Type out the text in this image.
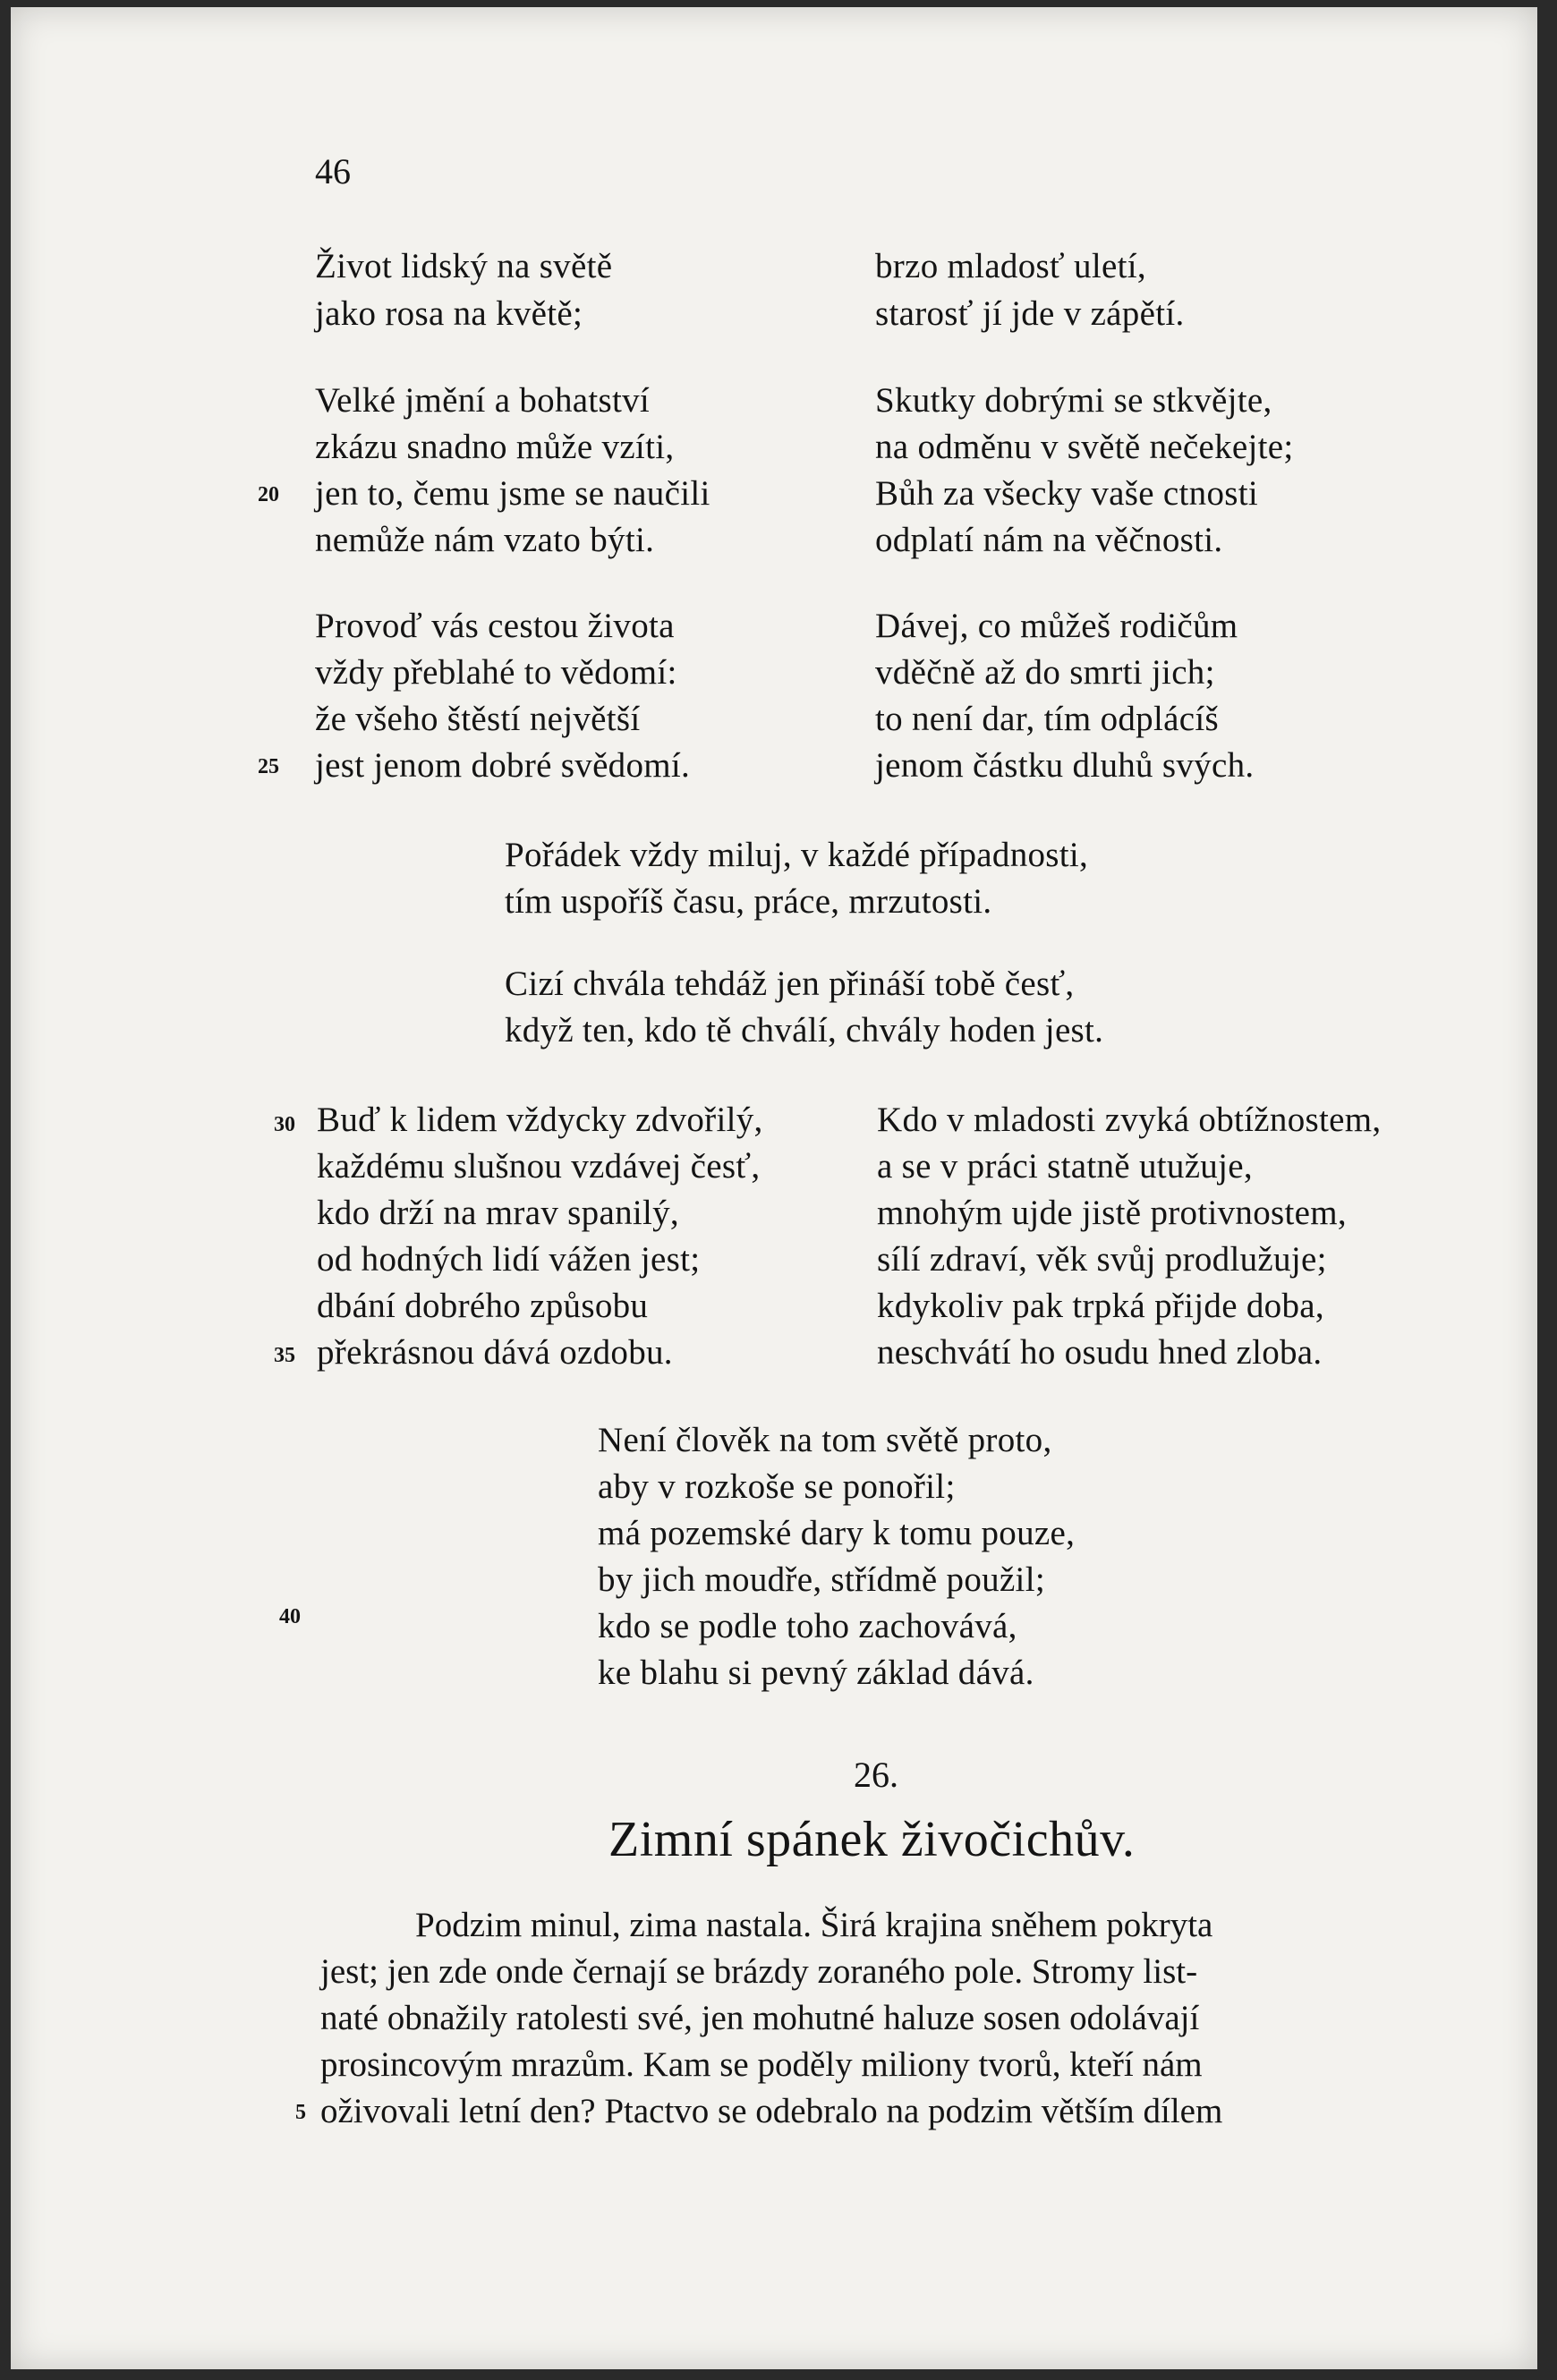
46
Život lidský na světě
jako rosa na květě;
Velké jmění a bohatství
zkázu snadno může vzíti,
20 jen to, čemu jsme se naučili
nemůže nám vzato býti.
Provoď vás cestou života
vždy přeblahé to vědomí:
že všeho štěstí největší
25 jest jenom dobré svědomí.
brzo mladosť uletí,
starosť jí jde v zápětí.
Skutky dobrými se stkvějte,
na odměnu v světě nečekejte;
Bůh za všecky vaše ctnosti
odplatí nám na věčnosti.
Dávej, co můžeš rodičům
vděčně až do smrti jich;
to není dar, tím odplácíš
jenom částku dluhů svých.
Pořádek vždy miluj, v každé případnosti,
tím uspoříš času, práce, mrzutosti.
Cizí chvála tehdáž jen přináší tobě česť,
když ten, kdo tě chválí, chvály hoden jest.
30 Buď k lidem vždycky zdvořilý,
každému slušnou vzdávej česť,
kdo drží na mrav spanilý,
od hodných lidí vážen jest;
dbání dobrého způsobu
35 překrásnou dává ozdobu.
Kdo v mladosti zvyká obtížnostem,
a se v práci statně utužuje,
mnohým ujde jistě protivnostem,
sílí zdraví, věk svůj prodlužuje;
kdykoliv pak trpká přijde doba,
neschvátí ho osudu hned zloba.
Není člověk na tom světě proto,
aby v rozkoše se ponořil;
má pozemské dary k tomu pouze,
by jich moudře, střídmě použil;
40	kdo se podle toho zachovává,
ke blahu si pevný základ dává.
26.
Zimní spánek živočichův.
Podzim minul, zima nastala. Širá krajina sněhem pokryta
jest; jen zde onde černají se brázdy zoraného pole. Stromy list-
naté obnažily ratolesti své, jen mohutné haluze sosen odolávají
prosincovým mrazům. Kam se poděly miliony tvorů, kteří nám
5 oživovali letní den? Ptactvo se odebralo na podzim větším dílem
